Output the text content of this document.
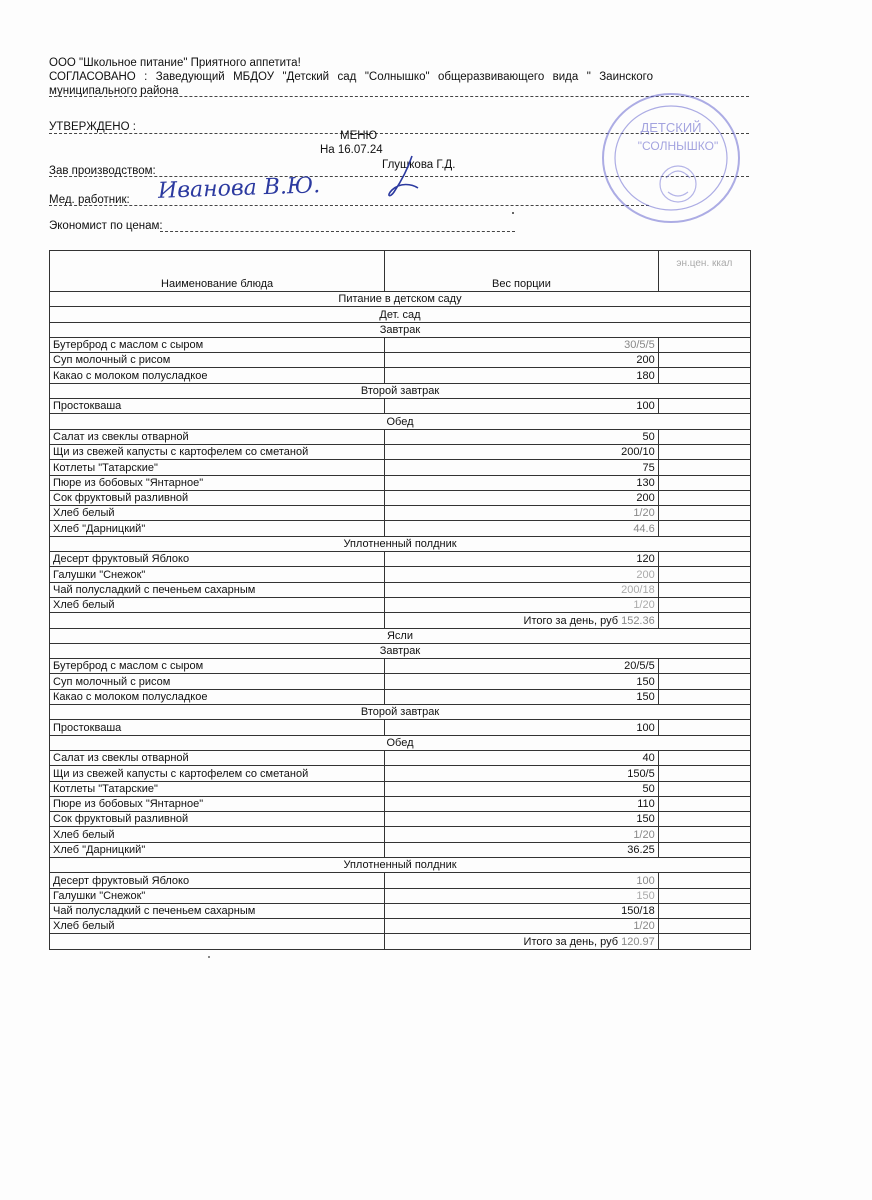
ООО "Школьное питание" Приятного аппетита!
СОГЛАСОВАНО : Заведующий МБДОУ "Детский сад "Солнышко" общеразвивающего вида " Заинского
муниципального района
УТВЕРЖДЕНО :
МЕНЮ
На 16.07.24
Зав производством:	Глушкова Г.Д.
Мед. работник: Иванова В.Ю.
Экономист по ценам:
ДЕТСКИЙ
"СОЛНЫШКО"
Наименование блюда	Вес порции	эн.цен. ккал
Питание в детском саду		
Дет. сад		
Завтрак		
Бутерброд с маслом с сыром	30/5/5	
Суп молочный с рисом	200	
Какао с молоком полусладкое	180	
Второй завтрак		
Простокваша	100	
Обед		
Салат из свеклы отварной	50	
Щи из свежей капусты с картофелем со сметаной	200/10	
Котлеты "Татарские"	75	
Пюре из бобовых "Янтарное"	130	
Сок фруктовый разливной	200	
Хлеб белый	1/20	
Хлеб "Дарницкий"	44.6	
Уплотненный полдник		
Десерт фруктовый Яблоко	120	
Галушки "Снежок"	200	
Чай полусладкий с печеньем сахарным	200/18	
Хлеб белый	1/20	
	Итого за день, руб 152.36	
Ясли		
Завтрак		
Бутерброд с маслом с сыром	20/5/5	
Суп молочный с рисом	150	
Какао с молоком полусладкое	150	
Второй завтрак		
Простокваша	100	
Обед		
Салат из свеклы отварной	40	
Щи из свежей капусты с картофелем со сметаной	150/5	
Котлеты "Татарские"	50	
Пюре из бобовых "Янтарное"	110	
Сок фруктовый разливной	150	
Хлеб белый	1/20	
Хлеб "Дарницкий"	36.25	
Уплотненный полдник		
Десерт фруктовый Яблоко	100	
Галушки "Снежок"	150	
Чай полусладкий с печеньем сахарным	150/18	
Хлеб белый	1/20	
	Итого за день, руб 120.97	
